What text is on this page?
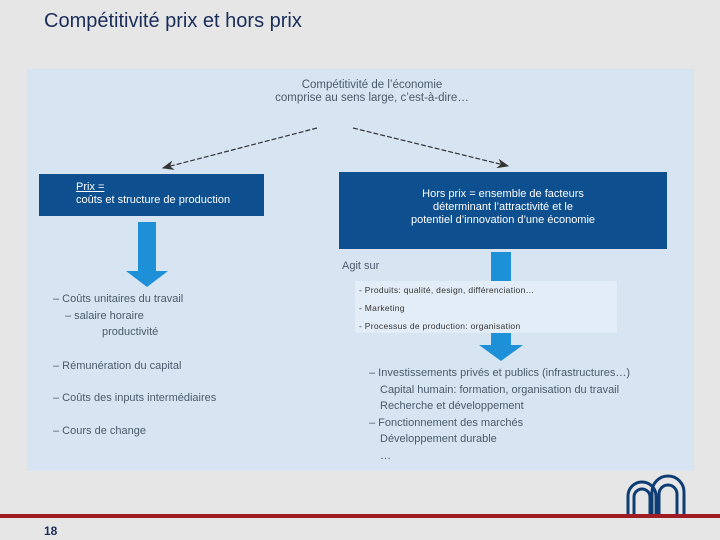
Compétitivité prix et hors prix
Compétitivité de l’économie
comprise au sens large, c’est-à-dire…
Prix =
coûts et structure de production	Hors prix = ensemble de facteurs
déterminant l’attractivité et le
potentiel d’innovation d’une économie
Agit sur
- Produits: qualité, design, différenciation…
- Marketing
- Processus de production: organisation
– Coûts unitaires du travail
– salaire horaire
productivité
– Rémunération du capital
– Coûts des inputs intermédiaires
– Cours de change
– Investissements privés et publics (infrastructures…)
Capital humain: formation, organisation du travail
Recherche et développement
– Fonctionnement des marchés
Développement durable
…
18
